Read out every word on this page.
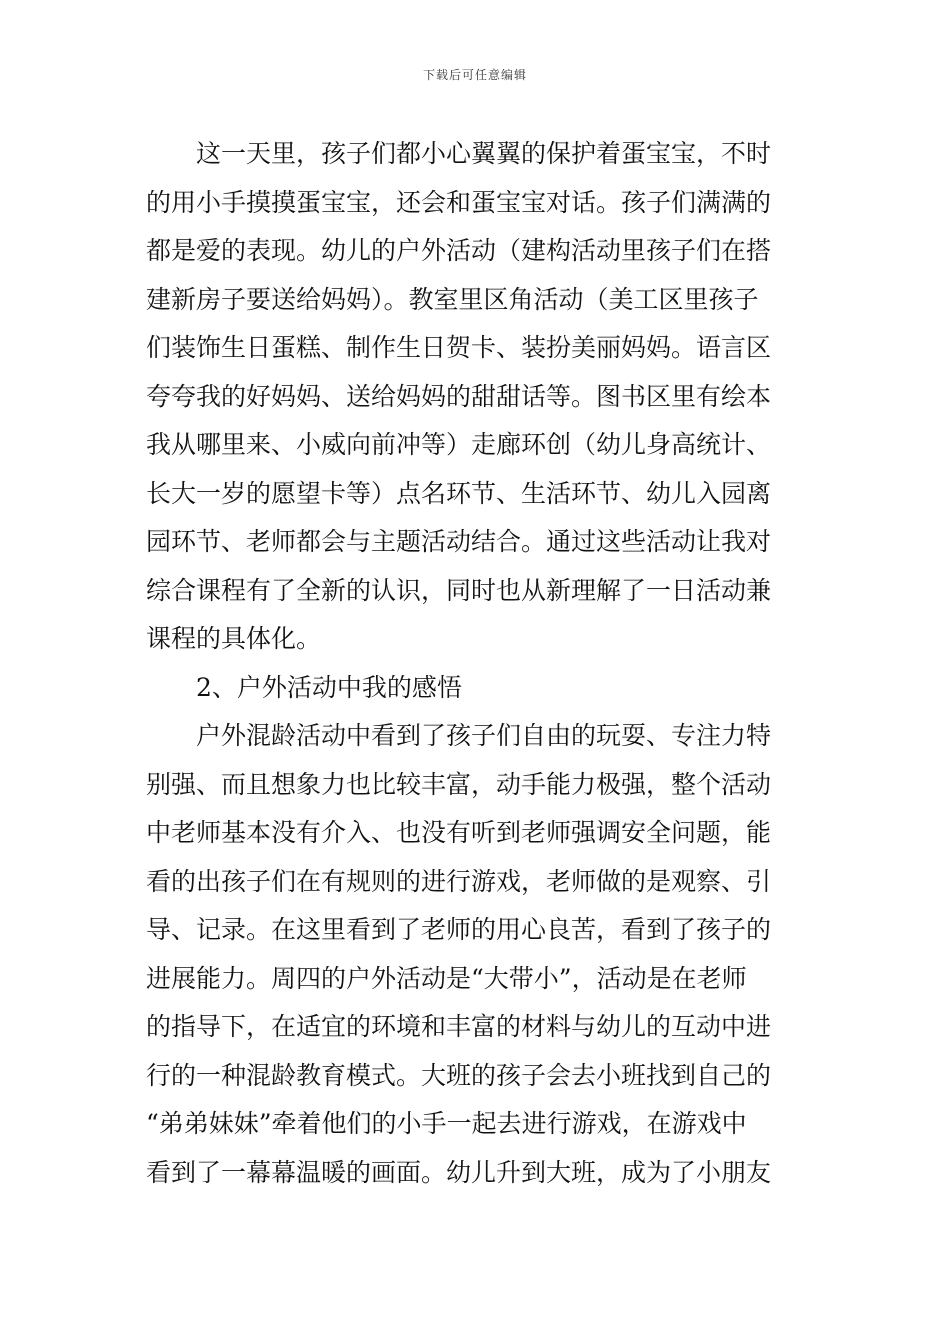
下载后可任意编辑
这一天里，孩子们都小心翼翼的保护着蛋宝宝，不时
的用小手摸摸蛋宝宝，还会和蛋宝宝对话。孩子们满满的
都是爱的表现。幼儿的户外活动（建构活动里孩子们在搭
建新房子要送给妈妈）。教室里区角活动（美工区里孩子
们装饰生日蛋糕、制作生日贺卡、装扮美丽妈妈。语言区
夸夸我的好妈妈、送给妈妈的甜甜话等。图书区里有绘本
我从哪里来、小威向前冲等）走廊环创（幼儿身高统计、
长大一岁的愿望卡等）点名环节、生活环节、幼儿入园离
园环节、老师都会与主题活动结合。通过这些活动让我对
综合课程有了全新的认识，同时也从新理解了一日活动兼
课程的具体化。
2、户外活动中我的感悟
户外混龄活动中看到了孩子们自由的玩耍、专注力特
别强、而且想象力也比较丰富，动手能力极强，整个活动
中老师基本没有介入、也没有听到老师强调安全问题，能
看的出孩子们在有规则的进行游戏，老师做的是观察、引
导、记录。在这里看到了老师的用心良苦，看到了孩子的
进展能力。周四的户外活动是“大带小”，活动是在老师
的指导下，在适宜的环境和丰富的材料与幼儿的互动中进
行的一种混龄教育模式。大班的孩子会去小班找到自己的
“弟弟妹妹”牵着他们的小手一起去进行游戏，在游戏中
看到了一幕幕温暖的画面。幼儿升到大班，成为了小朋友
